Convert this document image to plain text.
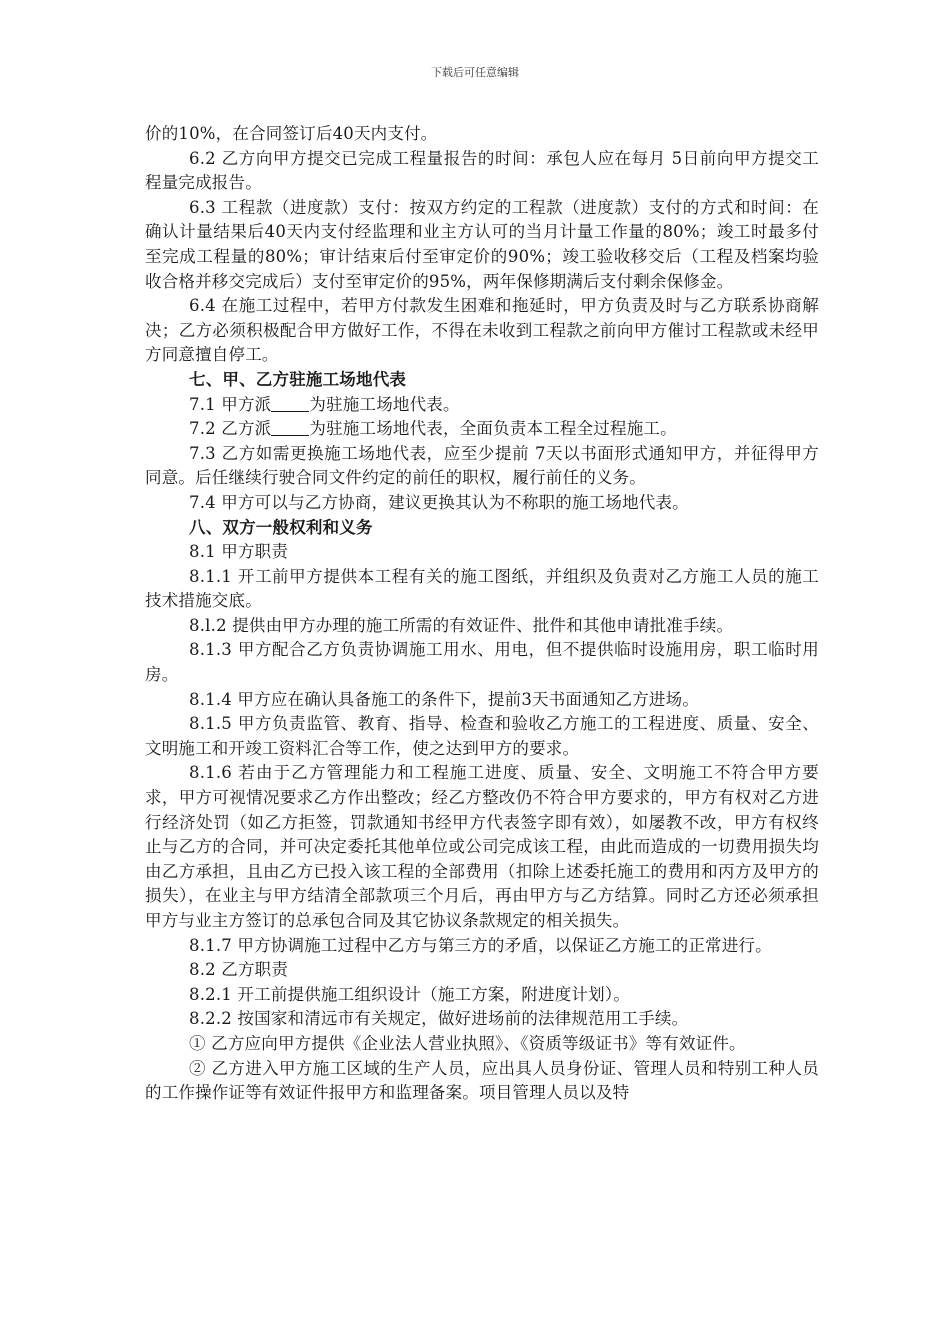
下载后可任意编辑

价的10%，在合同签订后40天内支付。

6.2 乙方向甲方提交已完成工程量报告的时间：承包人应在每月 5日前向甲方提交工程量完成报告。

6.3 工程款（进度款）支付：按双方约定的工程款（进度款）支付的方式和时间：在确认计量结果后40天内支付经监理和业主方认可的当月计量工作量的80%；竣工时最多付至完成工程量的80%；审计结束后付至审定价的90%；竣工验收移交后（工程及档案均验收合格并移交完成后）支付至审定价的95%，两年保修期满后支付剩余保修金。

6.4 在施工过程中，若甲方付款发生困难和拖延时，甲方负责及时与乙方联系协商解决；乙方必须积极配合甲方做好工作，不得在未收到工程款之前向甲方催讨工程款或未经甲方同意擅自停工。

七、甲、乙方驻施工场地代表

7.1 甲方派 为驻施工场地代表。

7.2 乙方派 为驻施工场地代表，全面负责本工程全过程施工。

7.3 乙方如需更换施工场地代表，应至少提前 7天以书面形式通知甲方，并征得甲方同意。后任继续行驶合同文件约定的前任的职权，履行前任的义务。

7.4 甲方可以与乙方协商，建议更换其认为不称职的施工场地代表。

八、双方一般权利和义务

8.1 甲方职责

8.1.1 开工前甲方提供本工程有关的施工图纸，并组织及负责对乙方施工人员的施工技术措施交底。

8.l.2 提供由甲方办理的施工所需的有效证件、批件和其他申请批准手续。

8.1.3 甲方配合乙方负责协调施工用水、用电，但不提供临时设施用房，职工临时用房。

8.1.4 甲方应在确认具备施工的条件下，提前3天书面通知乙方进场。

8.1.5 甲方负责监管、教育、指导、检查和验收乙方施工的工程进度、质量、安全、文明施工和开竣工资料汇合等工作，使之达到甲方的要求。

8.1.6 若由于乙方管理能力和工程施工进度、质量、安全、文明施工不符合甲方要求，甲方可视情况要求乙方作出整改；经乙方整改仍不符合甲方要求的，甲方有权对乙方进行经济处罚（如乙方拒签，罚款通知书经甲方代表签字即有效），如屡教不改，甲方有权终止与乙方的合同，并可决定委托其他单位或公司完成该工程，由此而造成的一切费用损失均由乙方承担，且由乙方已投入该工程的全部费用（扣除上述委托施工的费用和丙方及甲方的损失），在业主与甲方结清全部款项三个月后，再由甲方与乙方结算。同时乙方还必须承担甲方与业主方签订的总承包合同及其它协议条款规定的相关损失。

8.1.7 甲方协调施工过程中乙方与第三方的矛盾，以保证乙方施工的正常进行。

8.2 乙方职责

8.2.1 开工前提供施工组织设计（施工方案，附进度计划）。

8.2.2 按国家和清远市有关规定，做好进场前的法律规范用工手续。

① 乙方应向甲方提供《企业法人营业执照》、《资质等级证书》等有效证件。

② 乙方进入甲方施工区域的生产人员，应出具人员身份证、管理人员和特别工种人员的工作操作证等有效证件报甲方和监理备案。项目管理人员以及特
